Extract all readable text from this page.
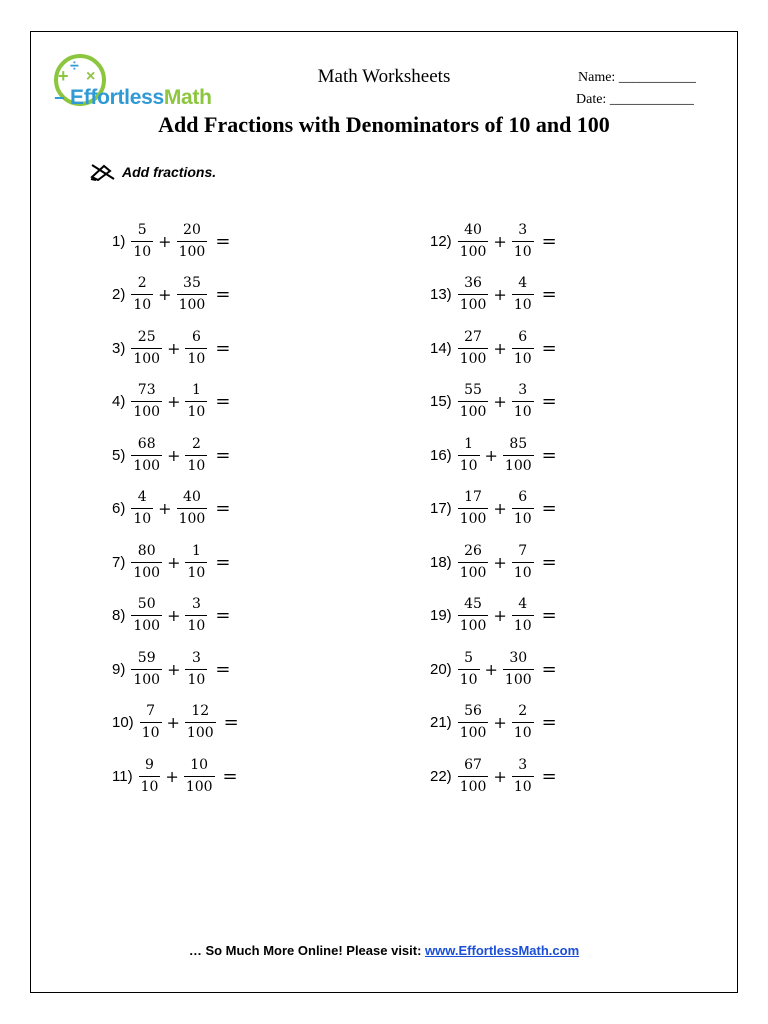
+ ÷
×
− EffortlessMath
Math Worksheets	Name: ___________
Date: ____________
Add Fractions with Denominators of 10 and 100
Add fractions.
$1) \frac{5}{10} + \frac{20}{100}$ =
$2) \frac{2}{10} + \frac{35}{100}$ =
$3) \frac{25}{100} + \frac{6}{10}$ =
$4) \frac{73}{100} + \frac{1}{10}$ =
$5) \frac{68}{100} + \frac{2}{10}$ =
$6) \frac{4}{10} + \frac{40}{100}$ =
$7) \frac{80}{100} + \frac{1}{10}$ =
$8) \frac{50}{100} + \frac{3}{10}$ =
$9) \frac{59}{100} + \frac{3}{10}$ =
$10) \frac{7}{10} + \frac{12}{100}$ =
$11) \frac{9}{10} + \frac{10}{100}$ =
$12) \frac{40}{100} + \frac{3}{10}$ =
$13) \frac{36}{100} + \frac{4}{10}$ =
$14) \frac{27}{100} + \frac{6}{10}$ =
$15) \frac{55}{100} + \frac{3}{10}$ =
$16) \frac{1}{10} + \frac{85}{100}$ =
$17) \frac{17}{100} + \frac{6}{10}$ =
$18) \frac{26}{100} + \frac{7}{10}$ =
$19) \frac{45}{100} + \frac{4}{10}$ =
$20) \frac{5}{10} + \frac{30}{100}$ =
$21) \frac{56}{100} + \frac{2}{10}$ =
$22) \frac{67}{100} + \frac{3}{10}$ =
… So Much More Online! Please visit: www.EffortlessMath.com
